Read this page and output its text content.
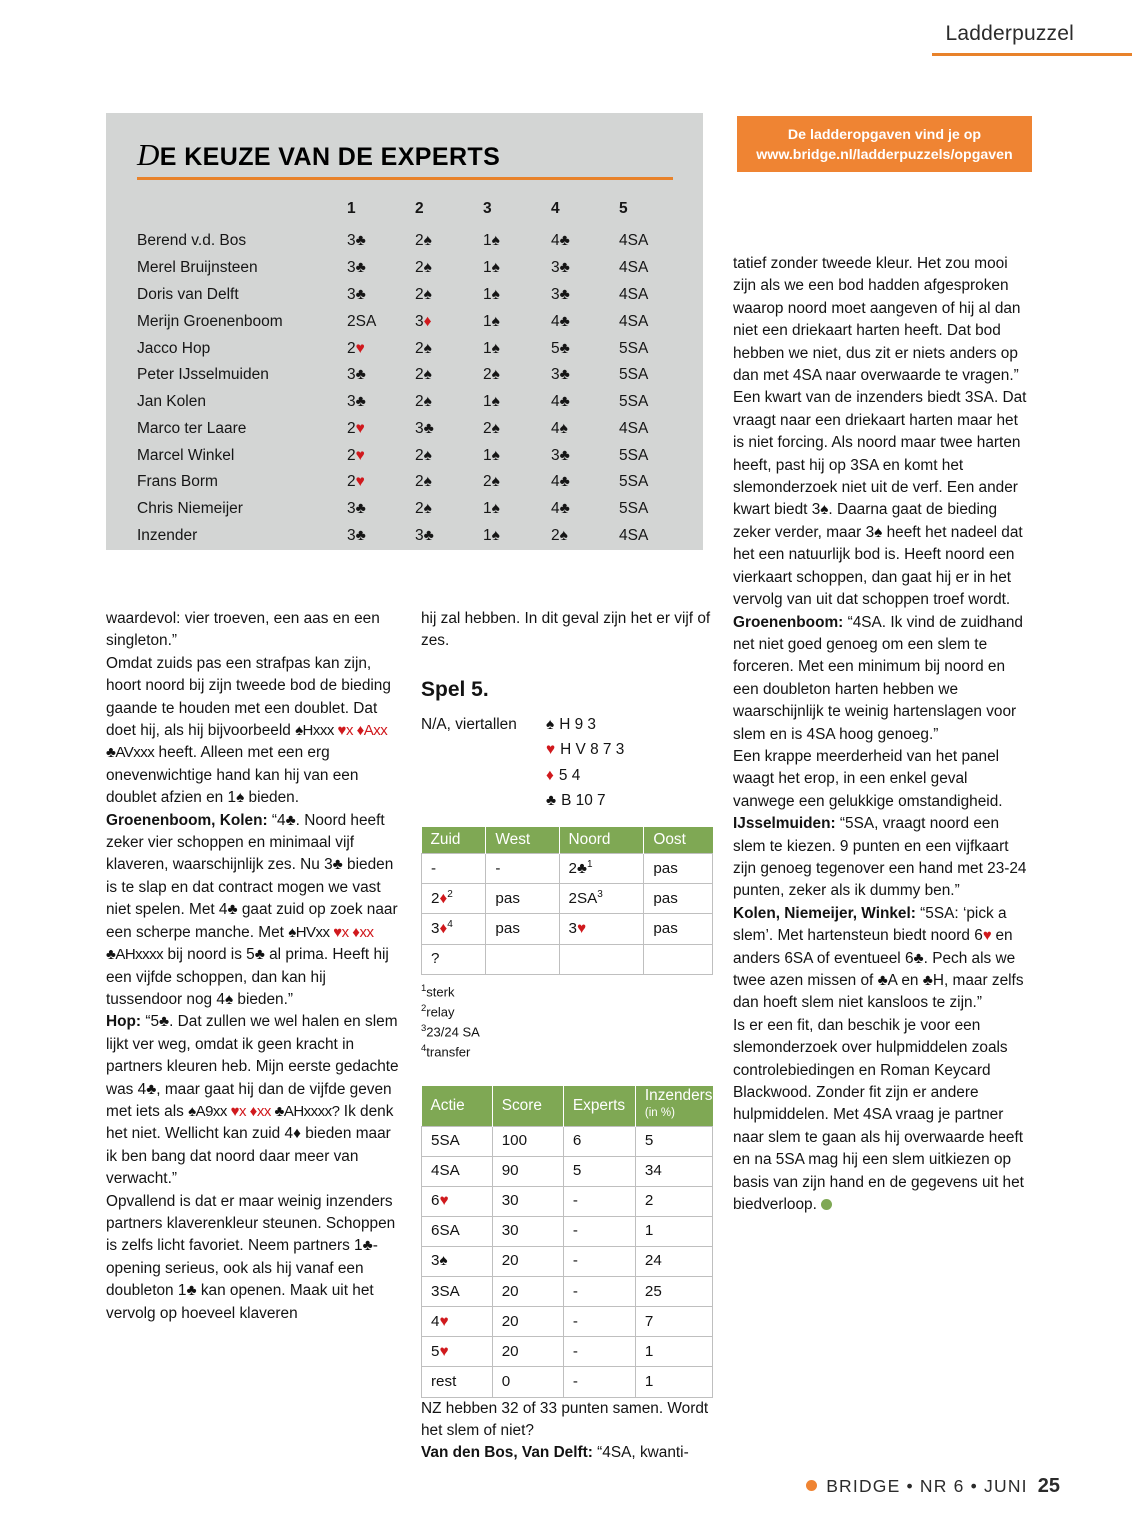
Ladderpuzzel
DE KEUZE VAN DE EXPERTS
	1	2	3	4	5
Berend v.d. Bos	3♣	2♠	1♠	4♣	4SA
Merel Bruijnsteen	3♣	2♠	1♠	3♣	4SA
Doris van Delft	3♣	2♠	1♠	3♣	4SA
Merijn Groenenboom	2SA	3♦	1♠	4♣	4SA
Jacco Hop	2♥	2♠	1♠	5♣	5SA
Peter IJsselmuiden	3♣	2♠	2♠	3♣	5SA
Jan Kolen	3♣	2♠	1♠	4♣	5SA
Marco ter Laare	2♥	3♣	2♠	4♠	4SA
Marcel Winkel	2♥	2♠	1♠	3♣	5SA
Frans Borm	2♥	2♠	2♠	4♣	5SA
Chris Niemeijer	3♣	2♠	1♠	4♣	5SA
Inzender	3♣	3♣	1♠	2♠	4SA
De ladderopgaven vind je op
www.bridge.nl/ladderpuzzels/opgaven

waardevol: vier troeven, een aas en een singleton.”

Omdat zuids pas een strafpas kan zijn, hoort noord bij zijn tweede bod de bieding gaande te houden met een doublet. Dat doet hij, als hij bijvoorbeeld ♠Hxxx ♥x ♦Axx ♣AVxxx heeft. Alleen met een erg onevenwichtige hand kan hij van een doublet afzien en 1♠ bieden.

Groenenboom, Kolen: “4♣. Noord heeft zeker vier schoppen en minimaal vijf klaveren, waarschijnlijk zes. Nu 3♣ bieden is te slap en dat contract mogen we vast niet spelen. Met 4♣ gaat zuid op zoek naar een scherpe manche. Met ♠HVxx ♥x ♦xx ♣AHxxxx bij noord is 5♣ al prima. Heeft hij een vijfde schoppen, dan kan hij tussendoor nog 4♠ bieden.”

Hop: “5♣. Dat zullen we wel halen en slem lijkt ver weg, omdat ik geen kracht in partners kleuren heb. Mijn eerste gedachte was 4♣, maar gaat hij dan de vijfde geven met iets als ♠A9xx ♥x ♦xx ♣AHxxxx? Ik denk het niet. Wellicht kan zuid 4♦ bieden maar ik ben bang dat noord daar meer van verwacht.”

Opvallend is dat er maar weinig inzenders partners klaverenkleur steunen. Schoppen is zelfs licht favoriet. Neem partners 1♣-opening serieus, ook als hij vanaf een doubleton 1♣ kan openen. Maak uit het vervolg op hoeveel klaveren

hij zal hebben. In dit geval zijn het er vijf of zes.

Spel 5.
N/A, viertallen	♠ H 9 3
♥ H V 8 7 3
♦ 5 4
♣ B 10 7
Zuid	West	Noord	Oost
-	-	2♣$^1$	pas
2♦$^2$	pas	$2SA^3$	pas
3♦$^4$	pas	3♥	pas
?			
$^1$sterk
$^2$relay
$^3$23/24 SA
$^4$transfer
Actie	Score	Experts	Inzenders
(in %)
5SA	100	6	5
4SA	90	5	34
6♥	30	-	2
6SA	30	-	1
3♠	20	-	24
3SA	20	-	25
4♥	20	-	7
5♥	20	-	1
rest	0	-	1

NZ hebben 32 of 33 punten samen. Wordt het slem of niet?

Van den Bos, Van Delft: “4SA, kwanti-

tatief zonder tweede kleur. Het zou mooi zijn als we een bod hadden afgesproken waarop noord moet aangeven of hij al dan niet een driekaart harten heeft. Dat bod hebben we niet, dus zit er niets anders op dan met 4SA naar overwaarde te vragen.”

Een kwart van de inzenders biedt 3SA. Dat vraagt naar een driekaart harten maar het is niet forcing. Als noord maar twee harten heeft, past hij op 3SA en komt het slemonderzoek niet uit de verf. Een ander kwart biedt 3♠. Daarna gaat de bieding zeker verder, maar 3♠ heeft het nadeel dat het een natuurlijk bod is. Heeft noord een vierkaart schoppen, dan gaat hij er in het vervolg van uit dat schoppen troef wordt.

Groenenboom: “4SA. Ik vind de zuidhand net niet goed genoeg om een slem te forceren. Met een minimum bij noord en een doubleton harten hebben we waarschijnlijk te weinig hartenslagen voor slem en is 4SA hoog genoeg.”

Een krappe meerderheid van het panel waagt het erop, in een enkel geval vanwege een gelukkige omstandigheid.

IJsselmuiden: “5SA, vraagt noord een slem te kiezen. 9 punten en een vijfkaart zijn genoeg tegenover een hand met 23-24 punten, zeker als ik dummy ben.”

Kolen, Niemeijer, Winkel: “5SA: ‘pick a slem’. Met hartensteun biedt noord 6♥ en anders 6SA of eventueel 6♣. Pech als we twee azen missen of ♣A en ♣H, maar zelfs dan hoeft slem niet kansloos te zijn.”

Is er een fit, dan beschik je voor een slemonderzoek over hulpmiddelen zoals controlebiedingen en Roman Keycard Blackwood. Zonder fit zijn er andere hulpmiddelen. Met 4SA vraag je partner naar slem te gaan als hij overwaarde heeft en na 5SA mag hij een slem uitkiezen op basis van zijn hand en de gegevens uit het biedverloop.

BRIDGE • NR 6 • JUNI 25
